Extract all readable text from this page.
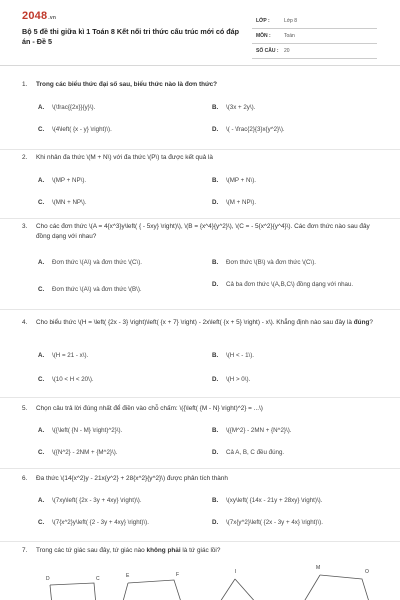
2048.vn
Bộ 5 đề thi giữa kì 1 Toán 8 Kết nối tri thức cấu trúc mới có đáp án - Đề 5
LỚP :	Lớp 8
MÔN :	Toán
SỐ CÂU : 20
1. Trong các biểu thức đại số sau, biểu thức nào là đơn thức?
A. \(\frac{{2x}}{y}\).	B. \(3x + 2y\).
C. \(4\left( {x - y} \right)\).	D. \( - \frac{2}{3}x{y^2}\).
2. Khi nhân đa thức \(M + N\) với đa thức \(P\) ta được kết quả là
A. \(MP + NP\).	B. \(MP + N\).
C. \(MN + NP\).	D. \(M + NP\).
3. Cho các đơn thức \(A = 4{x^3}y\left( { - 5xy} \right)\), \(B = {x^4}{y^2}\), \(C = - 5{x^2}{y^4}\). Các đơn thức nào sau đây đồng dạng với nhau?
A. Đơn thức \(A\) và đơn thức \(C\).	B. Đơn thức \(B\) và đơn thức \(C\).
C. Đơn thức \(A\) và đơn thức \(B\).
D. Cả ba đơn thức \(A,B,C\) đồng dạng với nhau.
4. Cho biểu thức \(H = \left( {2x - 3} \right)\left( {x + 7} \right) - 2x\left( {x + 5} \right) - x\). Khẳng định nào sau đây là đúng?
A. \(H = 21 - x\).	B. \(H < - 1\).
C. \(10 < H < 20\).	D. \(H > 0\).
5. Chọn câu trả lời đúng nhất để điền vào chỗ chấm: \({\left( {M - N} \right)^2} = ...\)
A. \({\left( {N - M} \right)^2}\).	B. \({M^2} - 2MN + {N^2}\).
C. \({N^2} - 2NM + {M^2}\).	D. Cả A, B, C đều đúng.
6. Đa thức \(14{x^2}y - 21x{y^2} + 28{x^2}{y^2}\) được phân tích thành
A. \(7xy\left( {2x - 3y + 4xy} \right)\).	B. \(xy\left( {14x - 21y + 28xy} \right)\).
C. \(7{x^2}y\left( {2 - 3y + 4xy} \right)\).	D. \(7x{y^2}\left( {2x - 3y + 4x} \right)\).
7. Trong các tứ giác sau đây, tứ giác nào không phải là tứ giác lồi?
D	C	E	F	I
M
O
